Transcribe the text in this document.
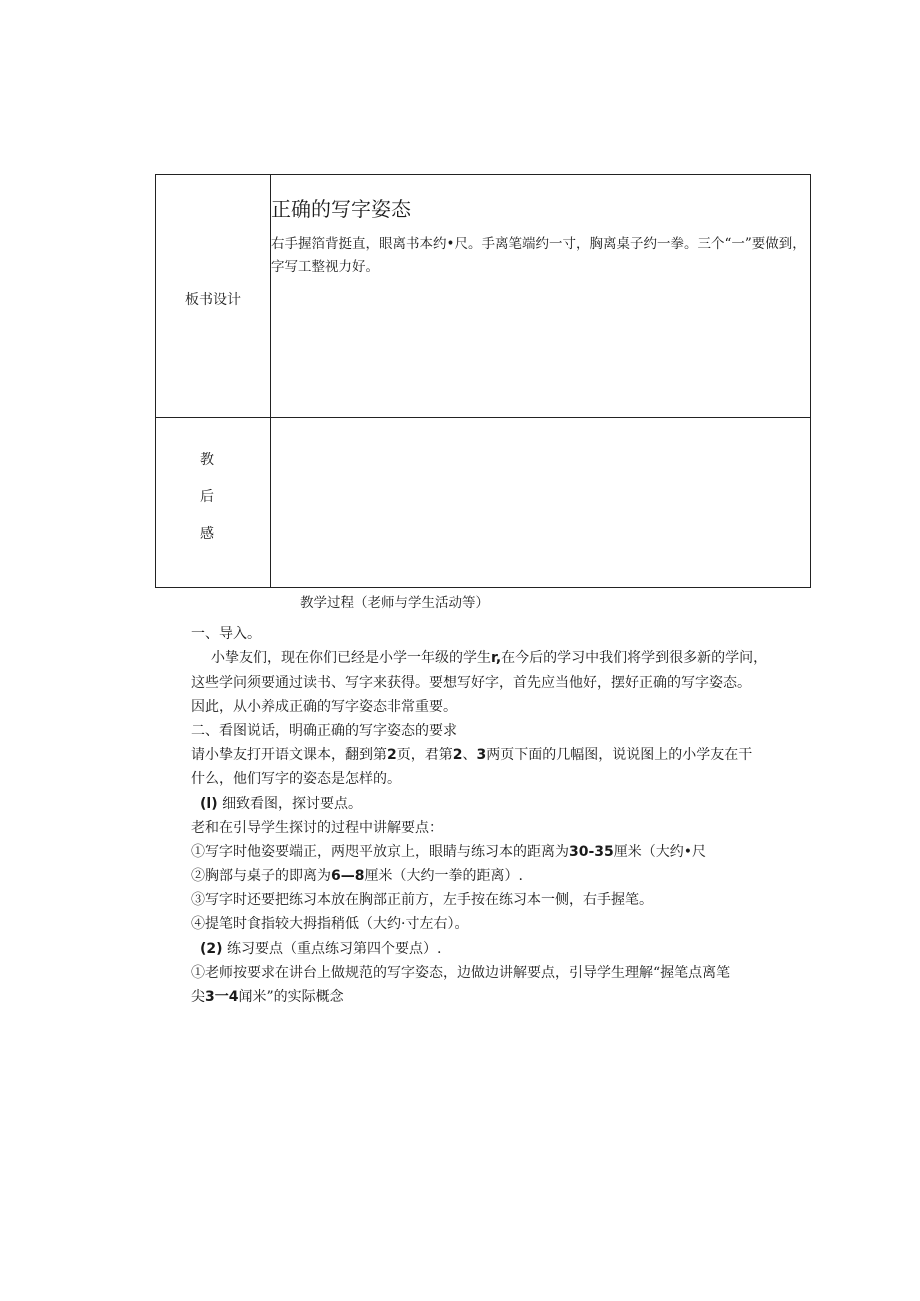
板书设计
正确的写字姿态
右手握箔背挺直，眼离书本约•尺。手离笔端约一寸，胸离桌子约一拳。三个“一”要做到，字写工整视力好。
教
后
感
教学过程（老师与学生活动等）
一、导入。
小挚友们，现在你们已经是小学一年级的学生r,在今后的学习中我们将学到很多新的学问，
这些学问须要通过读书、写字来获得。要想写好字，首先应当他好，摆好正确的写字姿态。
因此，从小养成正确的写字姿态非常重要。
二、看图说话，明确正确的写字姿态的要求
请小挚友打开语文课本，翻到第2页，君第2、3两页下面的几幅图，说说图上的小学友在干
什么，他们写字的姿态是怎样的。
(l) 细致看图，探讨要点。
老和在引导学生探讨的过程中讲解要点：
①写字时他姿要端正，两咫平放京上，眼睛与练习本的距离为30-35厘米（大约•尺
②胸部与桌子的即离为6—8厘米（大约一拳的距离）.
③写字时还要把练习本放在胸部正前方，左手按在练习本一侧，右手握笔。
④提笔时食指较大拇指稍低（大约·寸左右）。
(2) 练习要点（重点练习第四个要点）.
①老师按要求在讲台上做规范的写字姿态，边做边讲解要点，引导学生理解“握笔点离笔
尖3一4闻米”的实际概念
